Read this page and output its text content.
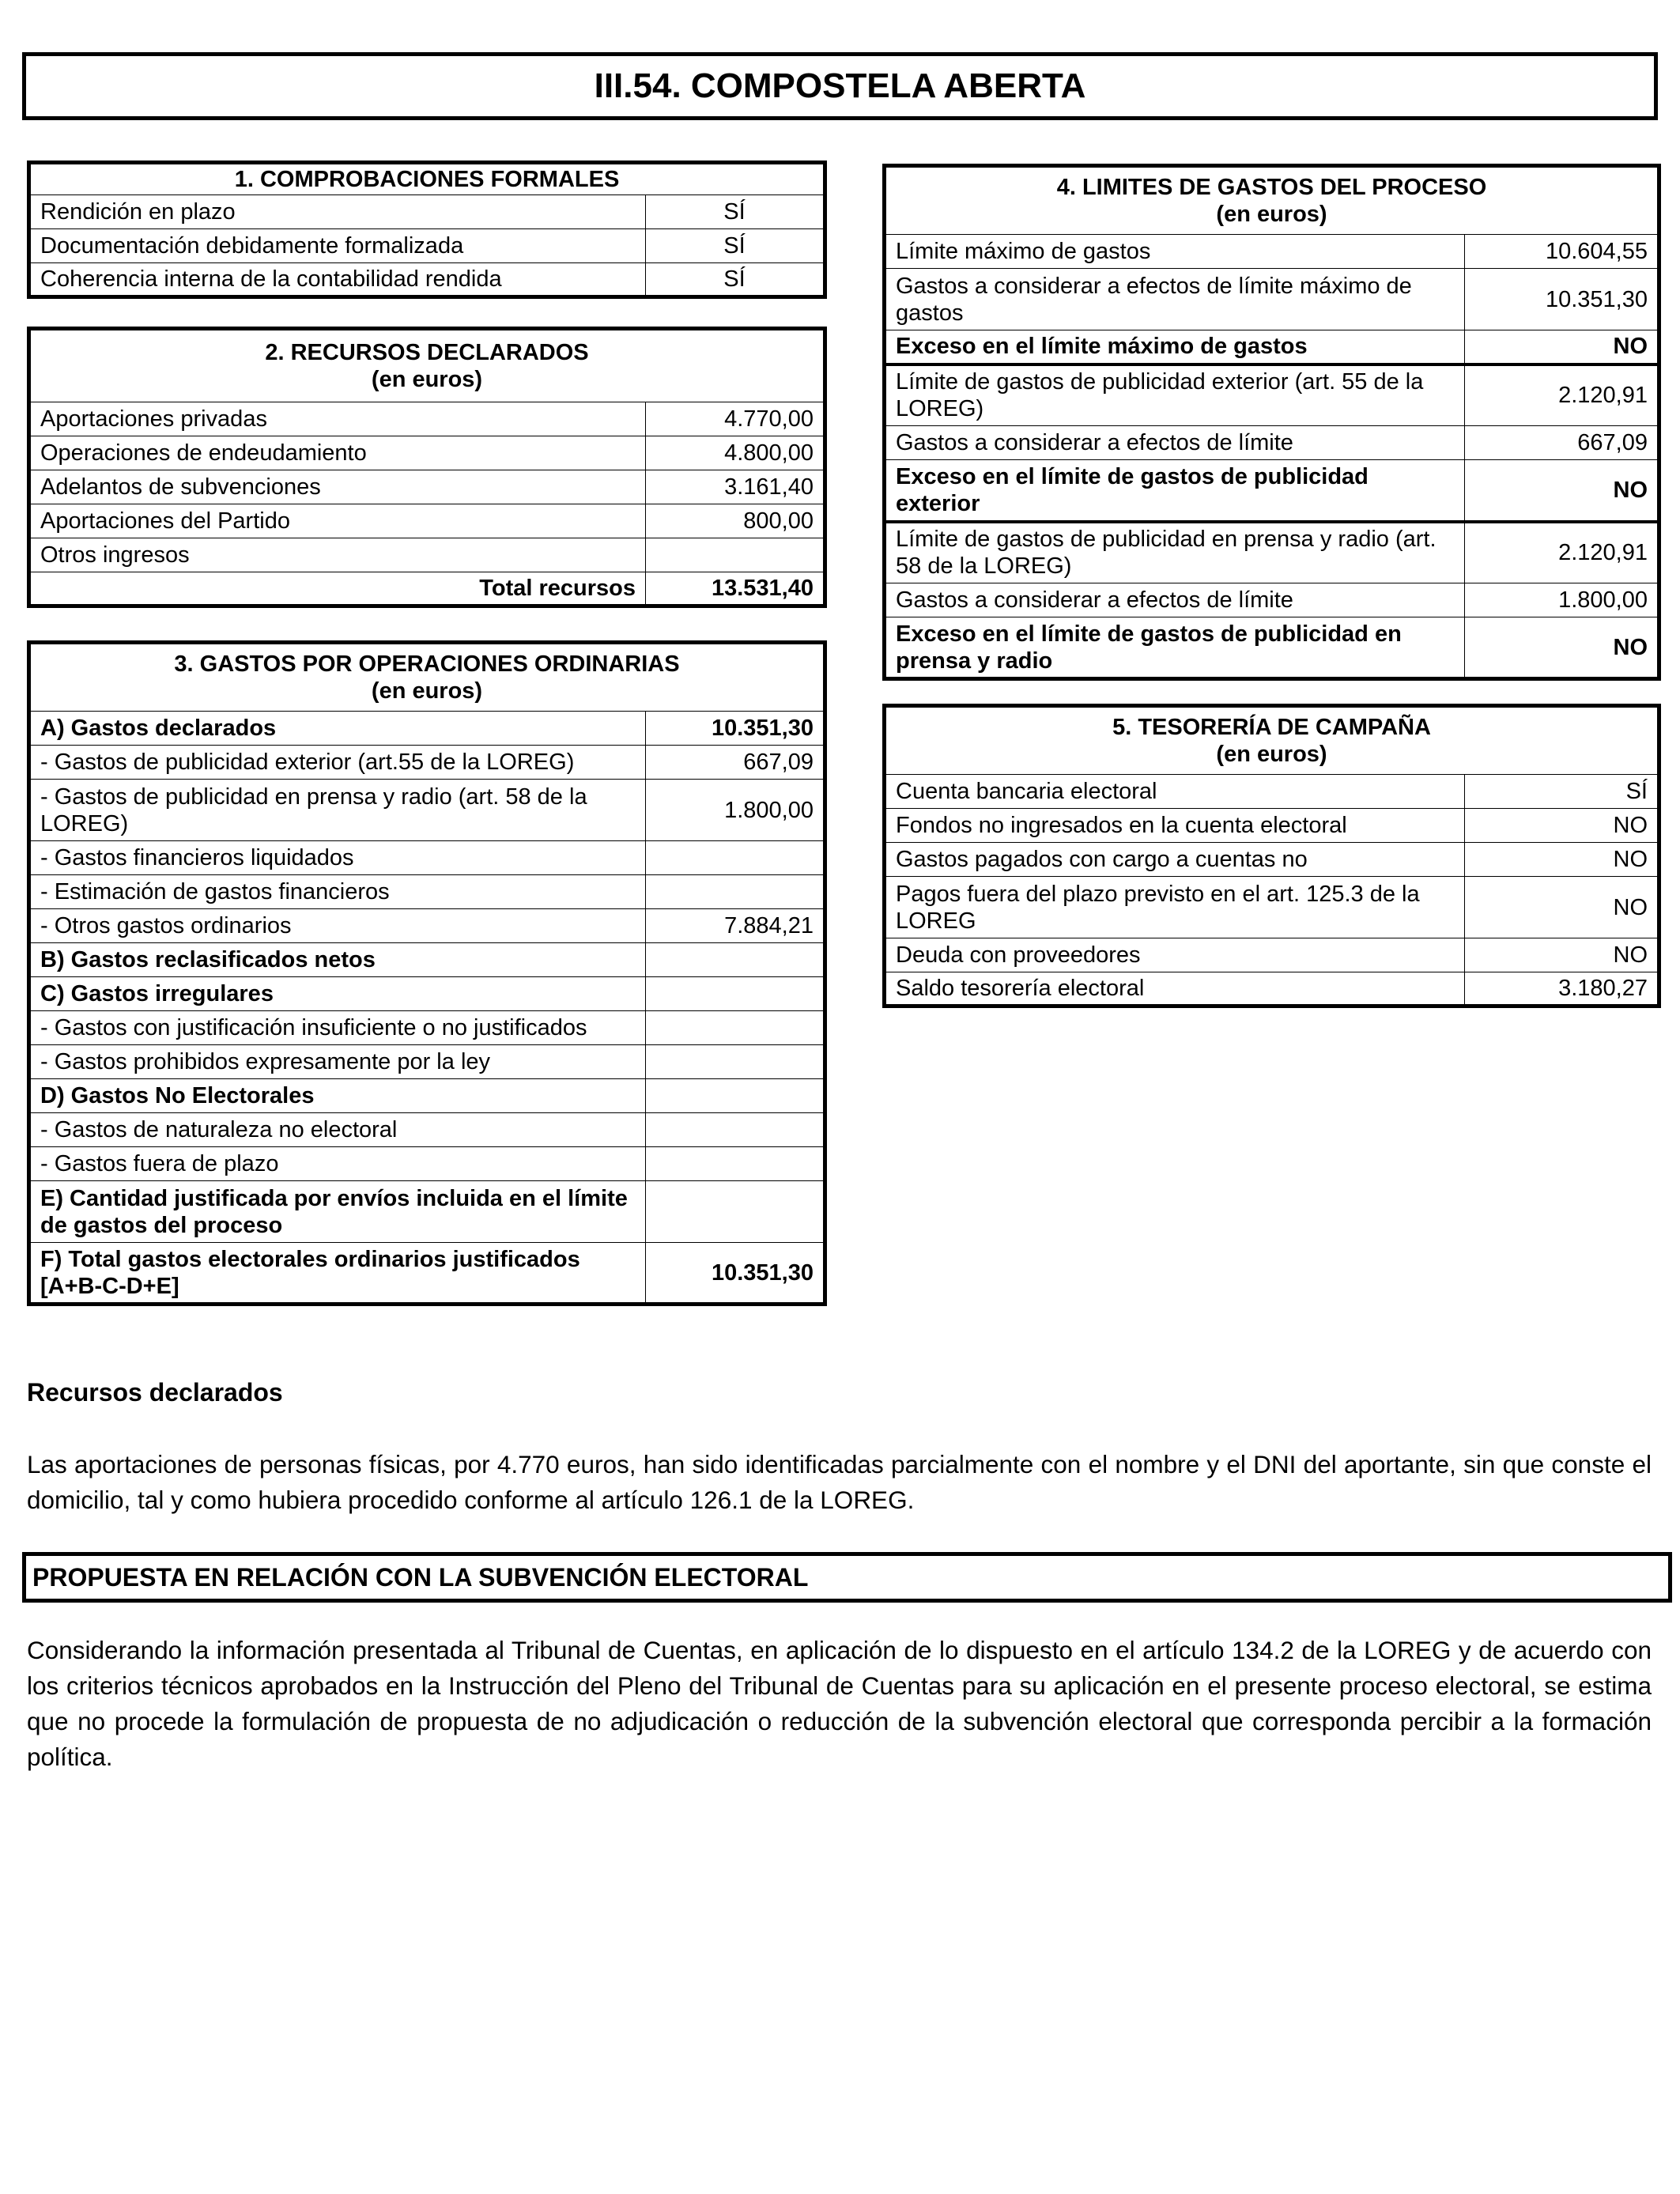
III.54. COMPOSTELA ABERTA
1. COMPROBACIONES FORMALES	
Rendición en plazo	SÍ
Documentación debidamente formalizada	SÍ
Coherencia interna de la contabilidad rendida	SÍ
2. RECURSOS DECLARADOS
(en euros)	

Aportaciones privadas	4.770,00
Operaciones de endeudamiento	4.800,00
Adelantos de subvenciones	3.161,40
Aportaciones del Partido	800,00
Otros ingresos	
Total recursos	13.531,40
3. GASTOS POR OPERACIONES ORDINARIAS
(en euros)	

A) Gastos declarados	10.351,30
- Gastos de publicidad exterior (art.55 de la LOREG)	667,09
- Gastos de publicidad en prensa y radio (art. 58 de la LOREG)	1.800,00
- Gastos financieros liquidados	
- Estimación de gastos financieros	
- Otros gastos ordinarios	7.884,21
B) Gastos reclasificados netos	
C) Gastos irregulares	
- Gastos con justificación insuficiente o no justificados	
- Gastos prohibidos expresamente por la ley	
D) Gastos No Electorales	
- Gastos de naturaleza no electoral	
- Gastos fuera de plazo	
E) Cantidad justificada por envíos incluida en el límite de gastos del proceso	
F) Total gastos electorales ordinarios justificados [A+B-C-D+E]	10.351,30
4. LIMITES DE GASTOS DEL PROCESO
(en euros)	

Límite máximo de gastos	10.604,55
Gastos a considerar a efectos de límite máximo de gastos	10.351,30
Exceso en el límite máximo de gastos	NO
Límite de gastos de publicidad exterior (art. 55 de la LOREG)	2.120,91
Gastos a considerar a efectos de límite	667,09
Exceso en el límite de gastos de publicidad exterior	NO
Límite de gastos de publicidad en prensa y radio (art. 58 de la LOREG)	2.120,91
Gastos a considerar a efectos de límite	1.800,00
Exceso en el límite de gastos de publicidad en prensa y radio	NO
5. TESORERÍA DE CAMPAÑA
(en euros)	

Cuenta bancaria electoral	SÍ
Fondos no ingresados en la cuenta electoral	NO
Gastos pagados con cargo a cuentas no	NO
Pagos fuera del plazo previsto en el art. 125.3 de la LOREG	NO
Deuda con proveedores	NO
Saldo tesorería electoral	3.180,27
Recursos declarados
Las aportaciones de personas físicas, por 4.770 euros, han sido identificadas parcialmente con el nombre y el DNI del aportante, sin que conste el domicilio, tal y como hubiera procedido conforme al artículo 126.1 de la LOREG.
PROPUESTA EN RELACIÓN CON LA SUBVENCIÓN ELECTORAL
Considerando la información presentada al Tribunal de Cuentas, en aplicación de lo dispuesto en el artículo 134.2 de la LOREG y de acuerdo con los criterios técnicos aprobados en la Instrucción del Pleno del Tribunal de Cuentas para su aplicación en el presente proceso electoral, se estima que no procede la formulación de propuesta de no adjudicación o reducción de la subvención electoral que corresponda percibir a la formación política.
